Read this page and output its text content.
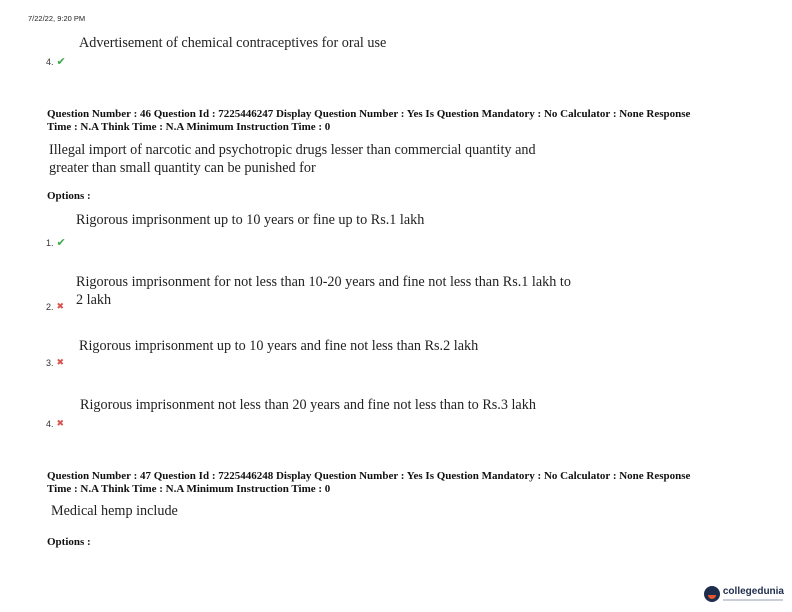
7/22/22, 9:20 PM
Advertisement of chemical contraceptives for oral use
4. ✔
Question Number : 46 Question Id : 7225446247 Display Question Number : Yes Is Question Mandatory : No Calculator : None Response
Time : N.A Think Time : N.A Minimum Instruction Time : 0
Illegal import of narcotic and psychotropic drugs lesser than commercial quantity and
greater than small quantity can be punished for
Options :
Rigorous imprisonment up to 10 years or fine up to Rs.1 lakh
1. ✔
Rigorous imprisonment for not less than 10-20 years and fine not less than Rs.1 lakh to
2 lakh
2. ✖
Rigorous imprisonment up to 10 years and fine not less than Rs.2 lakh
3. ✖
Rigorous imprisonment not less than 20 years and fine not less than to Rs.3 lakh
4. ✖
Question Number : 47 Question Id : 7225446248 Display Question Number : Yes Is Question Mandatory : No Calculator : None Response
Time : N.A Think Time : N.A Minimum Instruction Time : 0
Medical hemp include
Options :
collegedunia
